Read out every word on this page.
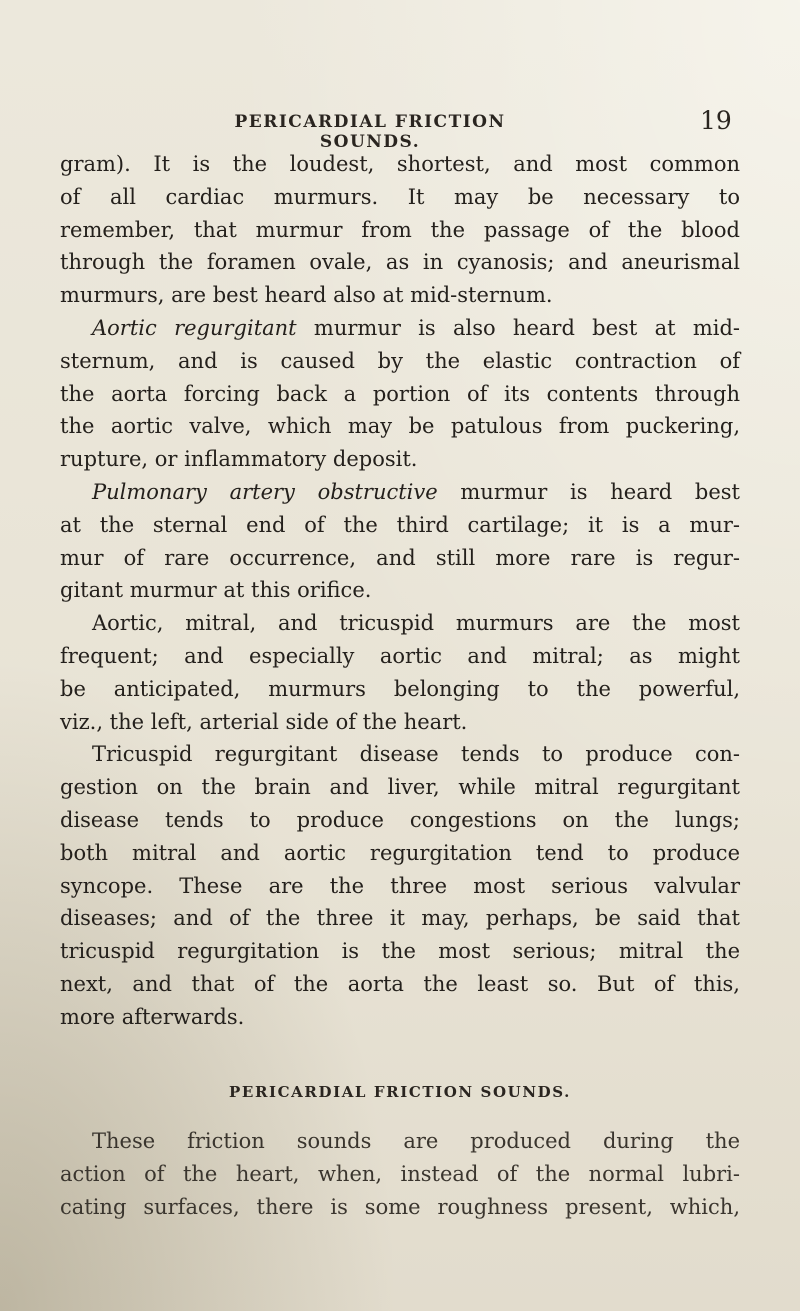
PERICARDIAL FRICTION SOUNDS.
19
gram). It is the loudest, shortest, and most common
of all cardiac murmurs. It may be necessary to
remember, that murmur from the passage of the blood
through the foramen ovale, as in cyanosis; and aneurismal
murmurs, are best heard also at mid-sternum.
Aortic regurgitant murmur is also heard best at mid-
sternum, and is caused by the elastic contraction of
the aorta forcing back a portion of its contents through
the aortic valve, which may be patulous from puckering,
rupture, or inflammatory deposit.
Pulmonary artery obstructive murmur is heard best
at the sternal end of the third cartilage; it is a mur-
mur of rare occurrence, and still more rare is regur-
gitant murmur at this orifice.
Aortic, mitral, and tricuspid murmurs are the most
frequent; and especially aortic and mitral; as might
be anticipated, murmurs belonging to the powerful,
viz., the left, arterial side of the heart.
Tricuspid regurgitant disease tends to produce con-
gestion on the brain and liver, while mitral regurgitant
disease tends to produce congestions on the lungs;
both mitral and aortic regurgitation tend to produce
syncope. These are the three most serious valvular
diseases; and of the three it may, perhaps, be said that
tricuspid regurgitation is the most serious; mitral the
next, and that of the aorta the least so. But of this,
more afterwards.
PERICARDIAL FRICTION SOUNDS.
These friction sounds are produced during the
action of the heart, when, instead of the normal lubri-
cating surfaces, there is some roughness present, which,
